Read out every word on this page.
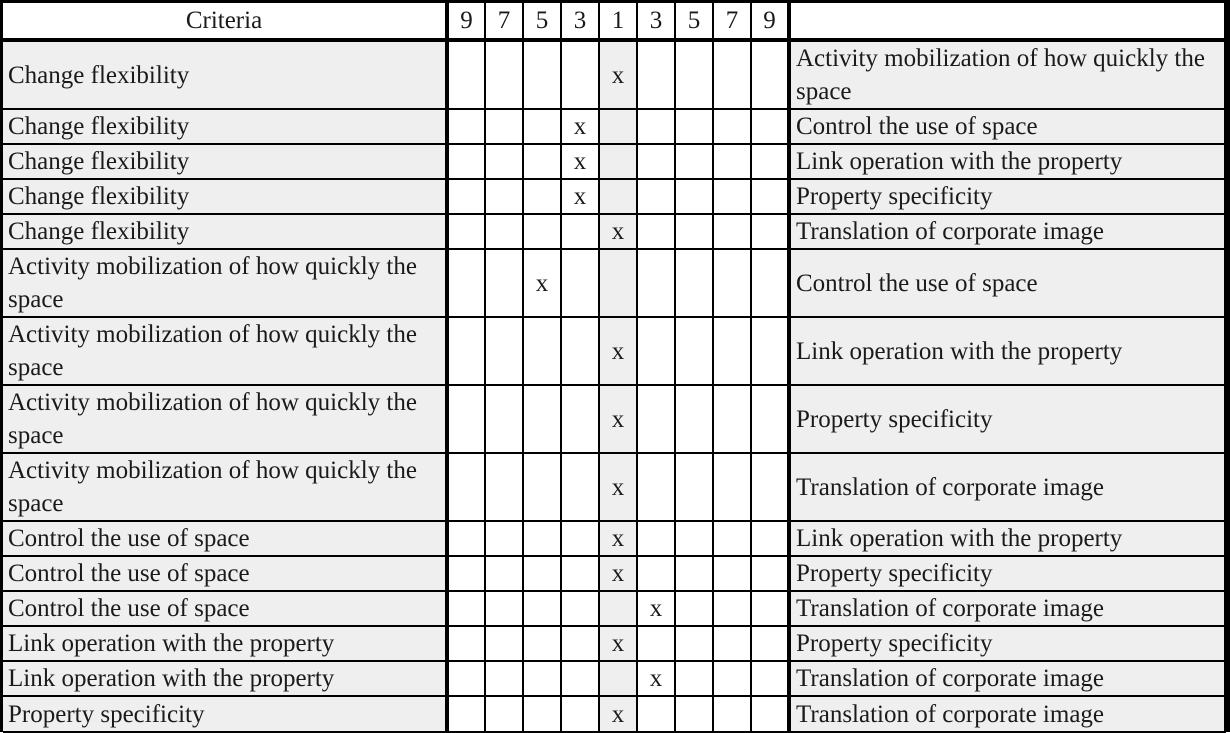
Criteria	9	7	5	3	1	3	5	7	9	
Change flexibility					x					Activity mobilization of how quickly the space
Change flexibility				x						Control the use of space
Change flexibility				x						Link operation with the property
Change flexibility				x						Property specificity
Change flexibility					x					Translation of corporate image
Activity mobilization of how quickly the space			x							Control the use of space
Activity mobilization of how quickly the space					x					Link operation with the property
Activity mobilization of how quickly the space					x					Property specificity
Activity mobilization of how quickly the space					x					Translation of corporate image
Control the use of space					x					Link operation with the property
Control the use of space					x					Property specificity
Control the use of space						x				Translation of corporate image
Link operation with the property					x					Property specificity
Link operation with the property						x				Translation of corporate image
Property specificity					x					Translation of corporate image
